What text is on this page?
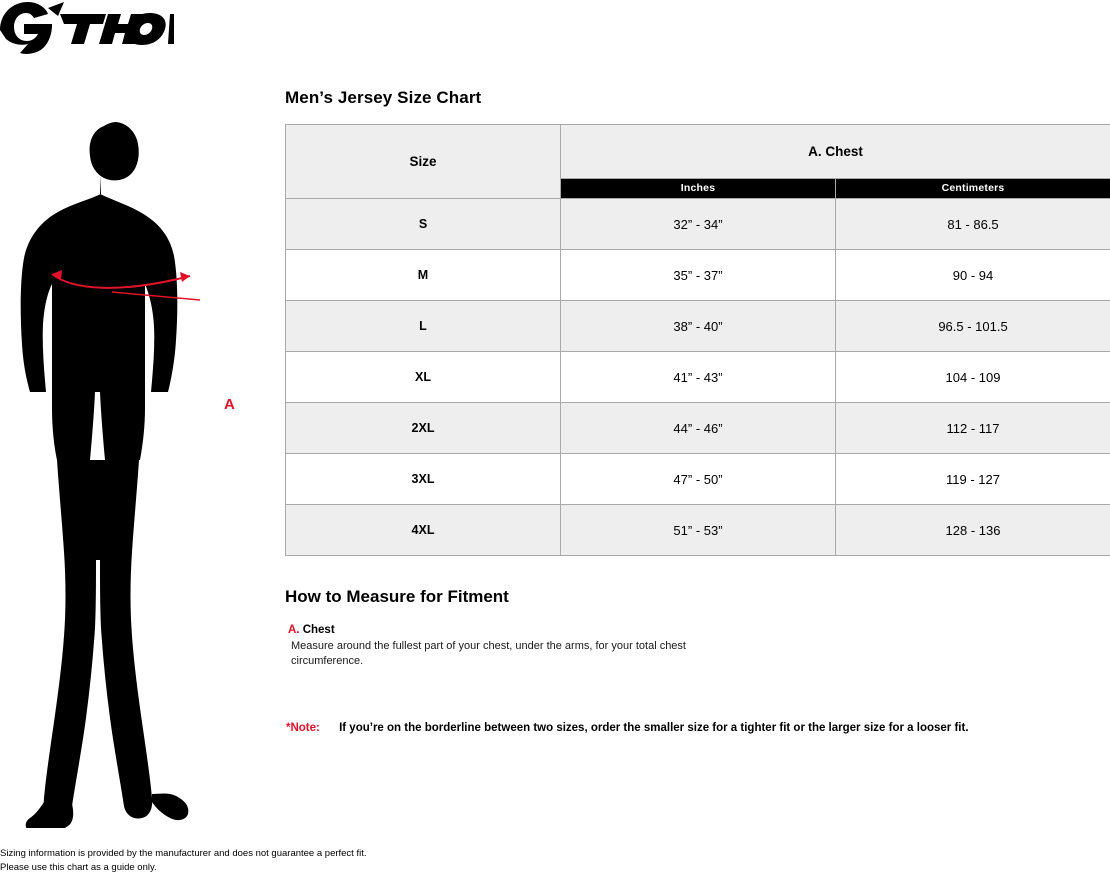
A
Men’s Jersey Size Chart
Size	A. Chest	
	Inches	Centimeters
S	32” - 34”	81 - 86.5
M	35” - 37”	90 - 94
L	38” - 40”	96.5 - 101.5
XL	41” - 43”	104 - 109
2XL	44” - 46”	112 - 117
3XL	47” - 50”	119 - 127
4XL	51” - 53”	128 - 136
How to Measure for Fitment
A. Chest
Measure around the fullest part of your chest, under the arms, for your total chest circumference.
*Note: If you’re on the borderline between two sizes, order the smaller size for a tighter fit or the larger size for a looser fit.
Sizing information is provided by the manufacturer and does not guarantee a perfect fit.
Please use this chart as a guide only.
